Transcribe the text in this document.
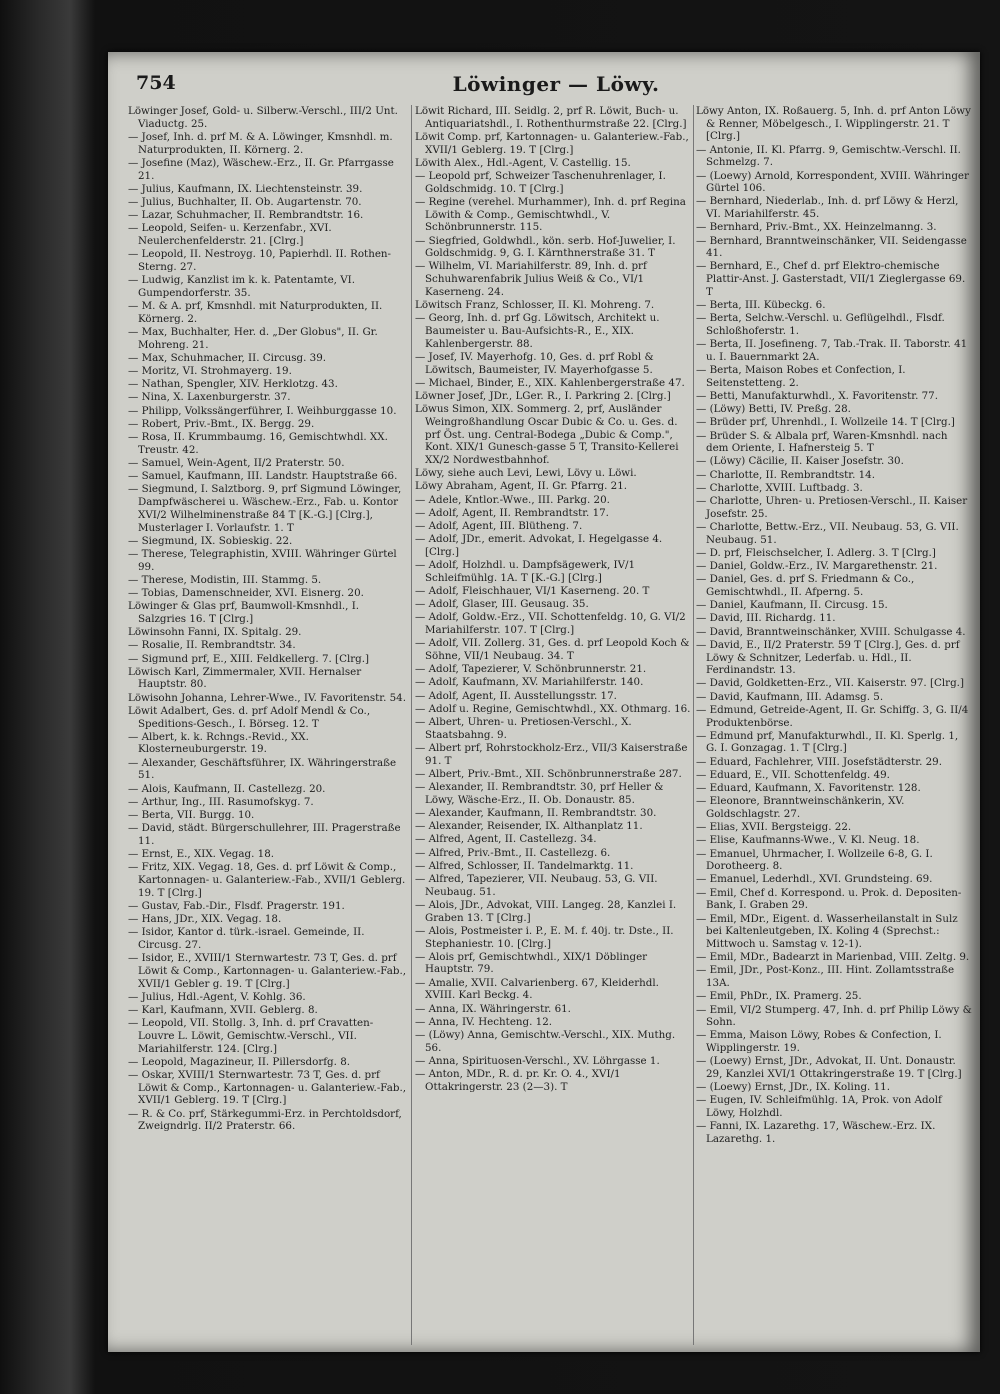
754	Löwinger — Löwy.
Löwinger Josef, Gold- u. Silberw.-Verschl., III/2 Unt. Viaductg. 25.
— Josef, Inh. d. prf M. & A. Löwinger, Kmsnhdl. m. Naturprodukten, II. Körnerg. 2.
— Josefine (Maz), Wäschew.-Erz., II. Gr. Pfarrgasse 21.
— Julius, Kaufmann, IX. Liechtensteinstr. 39.
— Julius, Buchhalter, II. Ob. Augartenstr. 70.
— Lazar, Schuhmacher, II. Rembrandtstr. 16.
— Leopold, Seifen- u. Kerzenfabr., XVI. Neulerchenfelderstr. 21. [Clrg.]
— Leopold, II. Nestroyg. 10, Papierhdl. II. Rothen-Sterng. 27.
— Ludwig, Kanzlist im k. k. Patentamte, VI. Gumpendorferstr. 35.
— M. & A. prf, Kmsnhdl. mit Naturprodukten, II. Körnerg. 2.
— Max, Buchhalter, Her. d. „Der Globus", II. Gr. Mohreng. 21.
— Max, Schuhmacher, II. Circusg. 39.
— Moritz, VI. Strohmayerg. 19.
— Nathan, Spengler, XIV. Herklotzg. 43.
— Nina, X. Laxenburgerstr. 37.
— Philipp, Volkssängerführer, I. Weihburggasse 10.
— Robert, Priv.-Bmt., IX. Bergg. 29.
— Rosa, II. Krummbaumg. 16, Gemischtwhdl. XX. Treustr. 42.
— Samuel, Wein-Agent, II/2 Praterstr. 50.
— Samuel, Kaufmann, III. Landstr. Hauptstraße 66.
— Siegmund, I. Salztborg. 9, prf Sigmund Löwinger, Dampfwäscherei u. Wäschew.-Erz., Fab. u. Kontor XVI/2 Wilhelminenstraße 84 T [K.-G.] [Clrg.], Musterlager I. Vorlaufstr. 1. T
— Siegmund, IX. Sobieskig. 22.
— Therese, Telegraphistin, XVIII. Währinger Gürtel 99.
— Therese, Modistin, III. Stammg. 5.
— Tobias, Damenschneider, XVI. Eisnerg. 20.
Löwinger & Glas prf, Baumwoll-Kmsnhdl., I. Salzgries 16. T [Clrg.]
Löwinsohn Fanni, IX. Spitalg. 29.
— Rosalie, II. Rembrandtstr. 34.
— Sigmund prf, E., XIII. Feldkellerg. 7. [Clrg.]
Löwisch Karl, Zimmermaler, XVII. Hernalser Hauptstr. 80.
Löwisohn Johanna, Lehrer-Wwe., IV. Favoritenstr. 54.
Löwit Adalbert, Ges. d. prf Adolf Mendl & Co., Speditions-Gesch., I. Börseg. 12. T
— Albert, k. k. Rchngs.-Revid., XX. Klosterneuburgerstr. 19.
— Alexander, Geschäftsführer, IX. Währingerstraße 51.
— Alois, Kaufmann, II. Castellezg. 20.
— Arthur, Ing., III. Rasumofskyg. 7.
— Berta, VII. Burgg. 10.
— David, städt. Bürgerschullehrer, III. Pragerstraße 11.
— Ernst, E., XIX. Vegag. 18.
— Fritz, XIX. Vegag. 18, Ges. d. prf Löwit & Comp., Kartonnagen- u. Galanteriew.-Fab., XVII/1 Geblerg. 19. T [Clrg.]
— Gustav, Fab.-Dir., Flsdf. Pragerstr. 191.
— Hans, JDr., XIX. Vegag. 18.
— Isidor, Kantor d. türk.-israel. Gemeinde, II. Circusg. 27.
— Isidor, E., XVIII/1 Sternwartestr. 73 T, Ges. d. prf Löwit & Comp., Kartonnagen- u. Galanteriew.-Fab., XVII/1 Gebler g. 19. T [Clrg.]
— Julius, Hdl.-Agent, V. Kohlg. 36.
— Karl, Kaufmann, XVII. Geblerg. 8.
— Leopold, VII. Stollg. 3, Inh. d. prf Cravatten-Louvre L. Löwit, Gemischtw.-Verschl., VII. Mariahilferstr. 124. [Clrg.]
— Leopold, Magazineur, II. Pillersdorfg. 8.
— Oskar, XVIII/1 Sternwartestr. 73 T, Ges. d. prf Löwit & Comp., Kartonnagen- u. Galanteriew.-Fab., XVII/1 Geblerg. 19. T [Clrg.]
— R. & Co. prf, Stärkegummi-Erz. in Perchtoldsdorf, Zweigndrlg. II/2 Praterstr. 66.
Löwit Richard, III. Seidlg. 2, prf R. Löwit, Buch- u. Antiquariatshdl., I. Rothenthurmstraße 22. [Clrg.]
Löwit Comp. prf, Kartonnagen- u. Galanteriew.-Fab., XVII/1 Geblerg. 19. T [Clrg.]
Löwith Alex., Hdl.-Agent, V. Castellig. 15.
— Leopold prf, Schweizer Taschenuhrenlager, I. Goldschmidg. 10. T [Clrg.]
— Regine (verehel. Murhammer), Inh. d. prf Regina Löwith & Comp., Gemischtwhdl., V. Schönbrunnerstr. 115.
— Siegfried, Goldwhdl., kön. serb. Hof-Juwelier, I. Goldschmidg. 9, G. I. Kärnthnerstraße 31. T
— Wilhelm, VI. Mariahilferstr. 89, Inh. d. prf Schuhwarenfabrik Julius Weiß & Co., VI/1 Kaserneng. 24.
Löwitsch Franz, Schlosser, II. Kl. Mohreng. 7.
— Georg, Inh. d. prf Gg. Löwitsch, Architekt u. Baumeister u. Bau-Aufsichts-R., E., XIX. Kahlenbergerstr. 88.
— Josef, IV. Mayerhofg. 10, Ges. d. prf Robl & Löwitsch, Baumeister, IV. Mayerhofgasse 5.
— Michael, Binder, E., XIX. Kahlenbergerstraße 47.
Löwner Josef, JDr., LGer. R., I. Parkring 2. [Clrg.]
Löwus Simon, XIX. Sommerg. 2, prf, Ausländer Weingroßhandlung Oscar Dubic & Co. u. Ges. d. prf Öst. ung. Central-Bodega „Dubic & Comp.", Kont. XIX/1 Gunesch-gasse 5 T, Transito-Kellerei XX/2 Nordwestbahnhof.
Löwy, siehe auch Levi, Lewi, Lövy u. Löwi.
Löwy Abraham, Agent, II. Gr. Pfarrg. 21.
— Adele, Kntlor.-Wwe., III. Parkg. 20.
— Adolf, Agent, II. Rembrandtstr. 17.
— Adolf, Agent, III. Blütheng. 7.
— Adolf, JDr., emerit. Advokat, I. Hegelgasse 4. [Clrg.]
— Adolf, Holzhdl. u. Dampfsägewerk, IV/1 Schleifmühlg. 1A. T [K.-G.] [Clrg.]
— Adolf, Fleischhauer, VI/1 Kaserneng. 20. T
— Adolf, Glaser, III. Geusaug. 35.
— Adolf, Goldw.-Erz., VII. Schottenfeldg. 10, G. VI/2 Mariahilferstr. 107. T [Clrg.]
— Adolf, VII. Zollerg. 31, Ges. d. prf Leopold Koch & Söhne, VII/1 Neubaug. 34. T
— Adolf, Tapezierer, V. Schönbrunnerstr. 21.
— Adolf, Kaufmann, XV. Mariahilferstr. 140.
— Adolf, Agent, II. Ausstellungsstr. 17.
— Adolf u. Regine, Gemischtwhdl., XX. Othmarg. 16.
— Albert, Uhren- u. Pretiosen-Verschl., X. Staatsbahng. 9.
— Albert prf, Rohrstockholz-Erz., VII/3 Kaiserstraße 91. T
— Albert, Priv.-Bmt., XII. Schönbrunnerstraße 287.
— Alexander, II. Rembrandtstr. 30, prf Heller & Löwy, Wäsche-Erz., II. Ob. Donaustr. 85.
— Alexander, Kaufmann, II. Rembrandtstr. 30.
— Alexander, Reisender, IX. Althanplatz 11.
— Alfred, Agent, II. Castellezg. 34.
— Alfred, Priv.-Bmt., II. Castellezg. 6.
— Alfred, Schlosser, II. Tandelmarktg. 11.
— Alfred, Tapezierer, VII. Neubaug. 53, G. VII. Neubaug. 51.
— Alois, JDr., Advokat, VIII. Langeg. 28, Kanzlei I. Graben 13. T [Clrg.]
— Alois, Postmeister i. P., E. M. f. 40j. tr. Dste., II. Stephaniestr. 10. [Clrg.]
— Alois prf, Gemischtwhdl., XIX/1 Döblinger Hauptstr. 79.
— Amalie, XVII. Calvarienberg. 67, Kleiderhdl. XVIII. Karl Beckg. 4.
— Anna, IX. Währingerstr. 61.
— Anna, IV. Hechteng. 12.
— (Löwy) Anna, Gemischtw.-Verschl., XIX. Muthg. 56.
— Anna, Spirituosen-Verschl., XV. Löhrgasse 1.
— Anton, MDr., R. d. pr. Kr. O. 4., XVI/1 Ottakringerstr. 23 (2—3). T
Löwy Anton, IX. Roßauerg. 5, Inh. d. prf Anton Löwy & Renner, Möbelgesch., I. Wipplingerstr. 21. T [Clrg.]
— Antonie, II. Kl. Pfarrg. 9, Gemischtw.-Verschl. II. Schmelzg. 7.
— (Loewy) Arnold, Korrespondent, XVIII. Währinger Gürtel 106.
— Bernhard, Niederlab., Inh. d. prf Löwy & Herzl, VI. Mariahilferstr. 45.
— Bernhard, Priv.-Bmt., XX. Heinzelmanng. 3.
— Bernhard, Branntweinschänker, VII. Seidengasse 41.
— Bernhard, E., Chef d. prf Elektro-chemische Plattir-Anst. J. Gasterstadt, VII/1 Zieglergasse 69. T
— Berta, III. Kübeckg. 6.
— Berta, Selchw.-Verschl. u. Geflügelhdl., Flsdf. Schloßhoferstr. 1.
— Berta, II. Josefineng. 7, Tab.-Trak. II. Taborstr. 41 u. I. Bauernmarkt 2A.
— Berta, Maison Robes et Confection, I. Seitenstetteng. 2.
— Betti, Manufakturwhdl., X. Favoritenstr. 77.
— (Löwy) Betti, IV. Preßg. 28.
— Brüder prf, Uhrenhdl., I. Wollzeile 14. T [Clrg.]
— Brüder S. & Albala prf, Waren-Kmsnhdl. nach dem Oriente, I. Hafnersteig 5. T
— (Löwy) Cäcilie, II. Kaiser Josefstr. 30.
— Charlotte, II. Rembrandtstr. 14.
— Charlotte, XVIII. Luftbadg. 3.
— Charlotte, Uhren- u. Pretiosen-Verschl., II. Kaiser Josefstr. 25.
— Charlotte, Bettw.-Erz., VII. Neubaug. 53, G. VII. Neubaug. 51.
— D. prf, Fleischselcher, I. Adlerg. 3. T [Clrg.]
— Daniel, Goldw.-Erz., IV. Margarethenstr. 21.
— Daniel, Ges. d. prf S. Friedmann & Co., Gemischtwhdl., II. Afperng. 5.
— Daniel, Kaufmann, II. Circusg. 15.
— David, III. Richardg. 11.
— David, Branntweinschänker, XVIII. Schulgasse 4.
— David, E., II/2 Praterstr. 59 T [Clrg.], Ges. d. prf Löwy & Schnitzer, Lederfab. u. Hdl., II. Ferdinandstr. 13.
— David, Goldketten-Erz., VII. Kaiserstr. 97. [Clrg.]
— David, Kaufmann, III. Adamsg. 5.
— Edmund, Getreide-Agent, II. Gr. Schiffg. 3, G. II/4 Produktenbörse.
— Edmund prf, Manufakturwhdl., II. Kl. Sperlg. 1, G. I. Gonzagag. 1. T [Clrg.]
— Eduard, Fachlehrer, VIII. Josefstädterstr. 29.
— Eduard, E., VII. Schottenfeldg. 49.
— Eduard, Kaufmann, X. Favoritenstr. 128.
— Eleonore, Branntweinschänkerin, XV. Goldschlagstr. 27.
— Elias, XVII. Bergsteigg. 22.
— Elise, Kaufmanns-Wwe., V. Kl. Neug. 18.
— Emanuel, Uhrmacher, I. Wollzeile 6-8, G. I. Dorotheerg. 8.
— Emanuel, Lederhdl., XVI. Grundsteing. 69.
— Emil, Chef d. Korrespond. u. Prok. d. Depositen-Bank, I. Graben 29.
— Emil, MDr., Eigent. d. Wasserheilanstalt in Sulz bei Kaltenleutgeben, IX. Koling 4 (Sprechst.: Mittwoch u. Samstag v. 12-1).
— Emil, MDr., Badearzt in Marienbad, VIII. Zeltg. 9.
— Emil, JDr., Post-Konz., III. Hint. Zollamtsstraße 13A.
— Emil, PhDr., IX. Pramerg. 25.
— Emil, VI/2 Stumperg. 47, Inh. d. prf Philip Löwy & Sohn.
— Emma, Maison Löwy, Robes & Confection, I. Wipplingerstr. 19.
— (Loewy) Ernst, JDr., Advokat, II. Unt. Donaustr. 29, Kanzlei XVI/1 Ottakringerstraße 19. T [Clrg.]
— (Loewy) Ernst, JDr., IX. Koling. 11.
— Eugen, IV. Schleifmühlg. 1A, Prok. von Adolf Löwy, Holzhdl.
— Fanni, IX. Lazarethg. 17, Wäschew.-Erz. IX. Lazarethg. 1.
